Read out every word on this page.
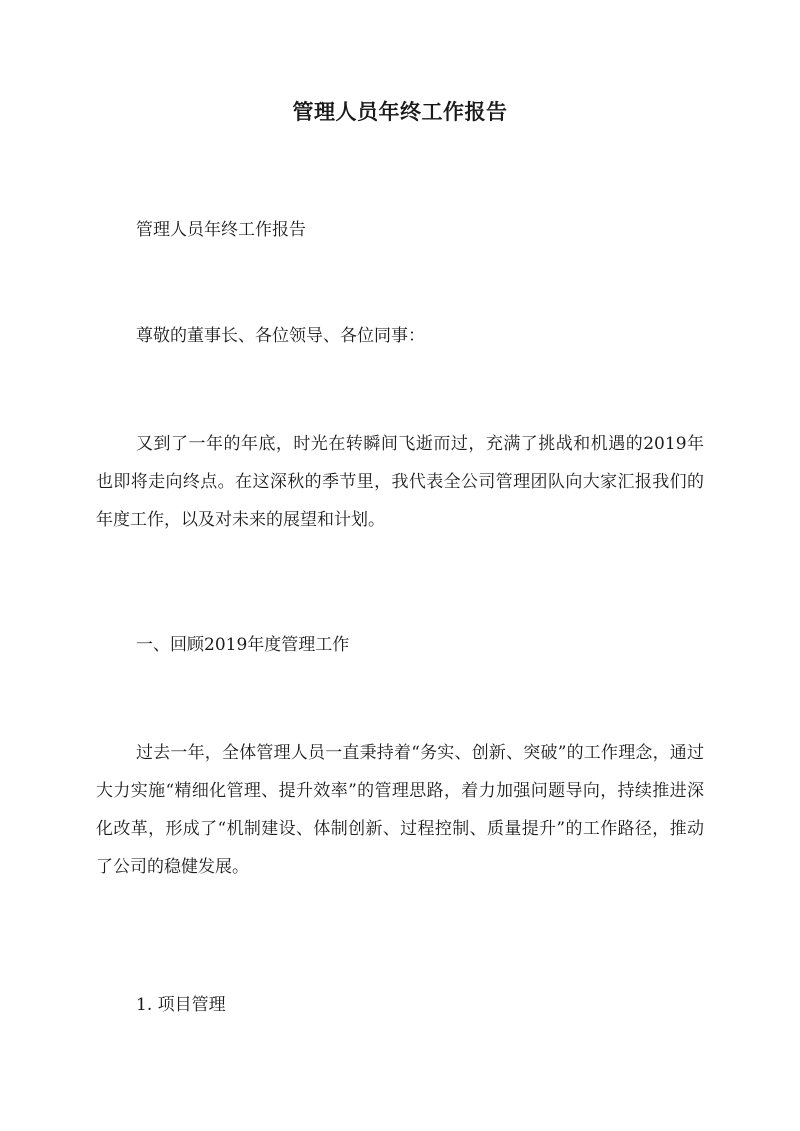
管理人员年终工作报告

管理人员年终工作报告

尊敬的董事长、各位领导、各位同事：

又到了一年的年底，时光在转瞬间飞逝而过，充满了挑战和机遇的2019年也即将走向终点。在这深秋的季节里，我代表全公司管理团队向大家汇报我们的年度工作，以及对未来的展望和计划。

一、回顾2019年度管理工作

过去一年，全体管理人员一直秉持着“务实、创新、突破”的工作理念，通过大力实施“精细化管理、提升效率”的管理思路，着力加强问题导向，持续推进深化改革，形成了“机制建设、体制创新、过程控制、质量提升”的工作路径，推动了公司的稳健发展。

1. 项目管理
